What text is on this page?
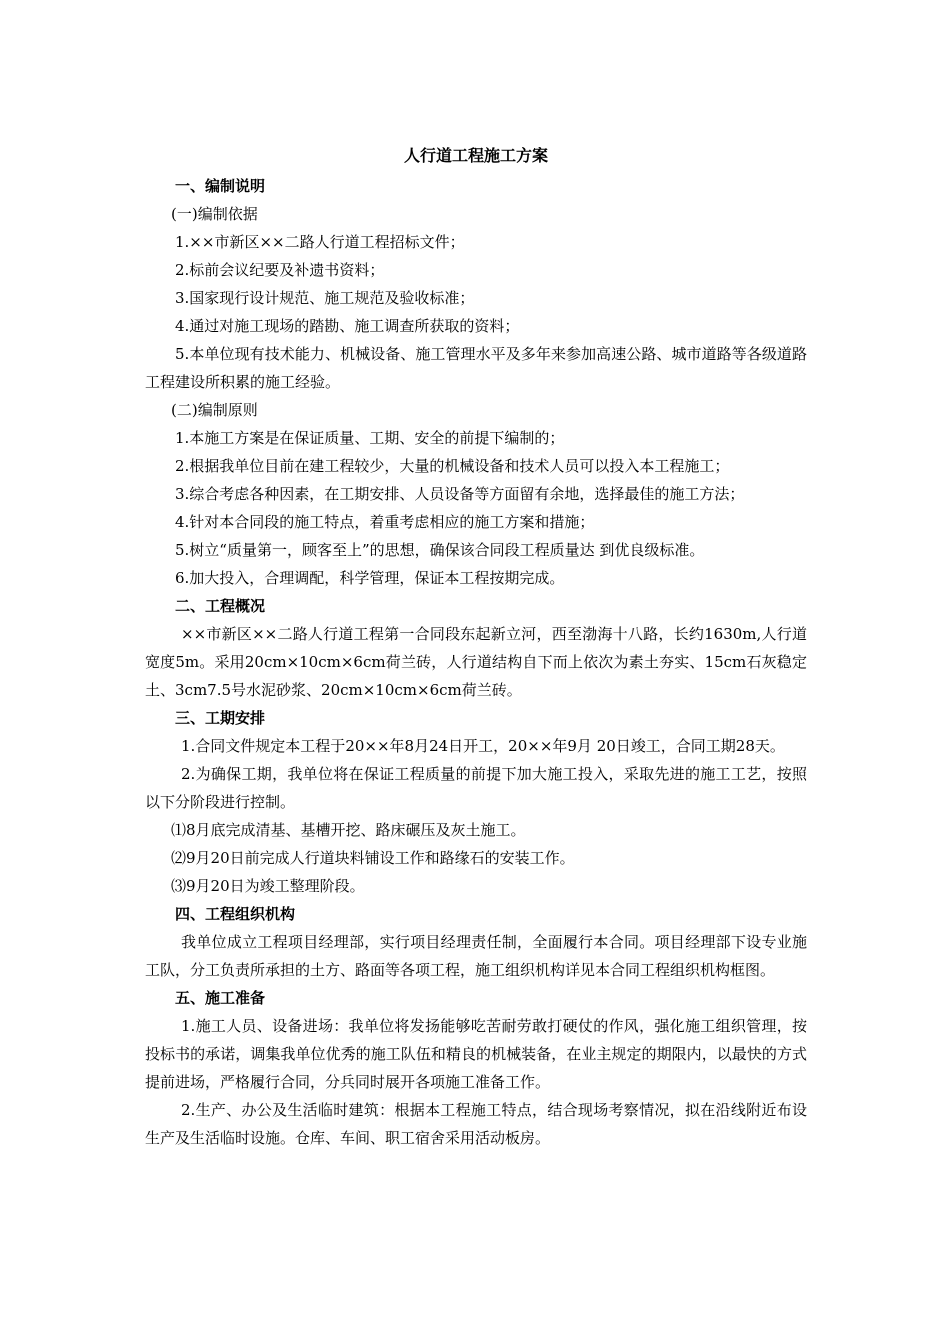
人行道工程施工方案

一、编制说明

(一)编制依据

1.××市新区××二路人行道工程招标文件；

2.标前会议纪要及补遗书资料；

3.国家现行设计规范、施工规范及验收标准；

4.通过对施工现场的踏勘、施工调查所获取的资料；

5.本单位现有技术能力、机械设备、施工管理水平及多年来参加高速公路、城市道路等各级道路工程建设所积累的施工经验。

(二)编制原则

1.本施工方案是在保证质量、工期、安全的前提下编制的；

2.根据我单位目前在建工程较少，大量的机械设备和技术人员可以投入本工程施工；

3.综合考虑各种因素，在工期安排、人员设备等方面留有余地，选择最佳的施工方法；

4.针对本合同段的施工特点，着重考虑相应的施工方案和措施；

5.树立“质量第一，顾客至上”的思想，确保该合同段工程质量达 到优良级标准。

6.加大投入，合理调配，科学管理，保证本工程按期完成。

二、工程概况

××市新区××二路人行道工程第一合同段东起新立河，西至渤海十八路，长约1630m,人行道宽度5m。采用20cm×10cm×6cm荷兰砖，人行道结构自下而上依次为素土夯实、15cm石灰稳定土、3cm7.5号水泥砂浆、20cm×10cm×6cm荷兰砖。

三、工期安排

1.合同文件规定本工程于20××年8月24日开工，20××年9月 20日竣工，合同工期28天。

2.为确保工期，我单位将在保证工程质量的前提下加大施工投入，采取先进的施工工艺，按照以下分阶段进行控制。

⑴8月底完成清基、基槽开挖、路床碾压及灰土施工。

⑵9月20日前完成人行道块料铺设工作和路缘石的安装工作。

⑶9月20日为竣工整理阶段。

四、工程组织机构

我单位成立工程项目经理部，实行项目经理责任制，全面履行本合同。项目经理部下设专业施工队，分工负责所承担的土方、路面等各项工程，施工组织机构详见本合同工程组织机构框图。

五、施工准备

1.施工人员、设备进场：我单位将发扬能够吃苦耐劳敢打硬仗的作风，强化施工组织管理，按投标书的承诺，调集我单位优秀的施工队伍和精良的机械装备，在业主规定的期限内，以最快的方式提前进场，严格履行合同，分兵同时展开各项施工准备工作。

2.生产、办公及生活临时建筑：根据本工程施工特点，结合现场考察情况，拟在沿线附近布设生产及生活临时设施。仓库、车间、职工宿舍采用活动板房。
